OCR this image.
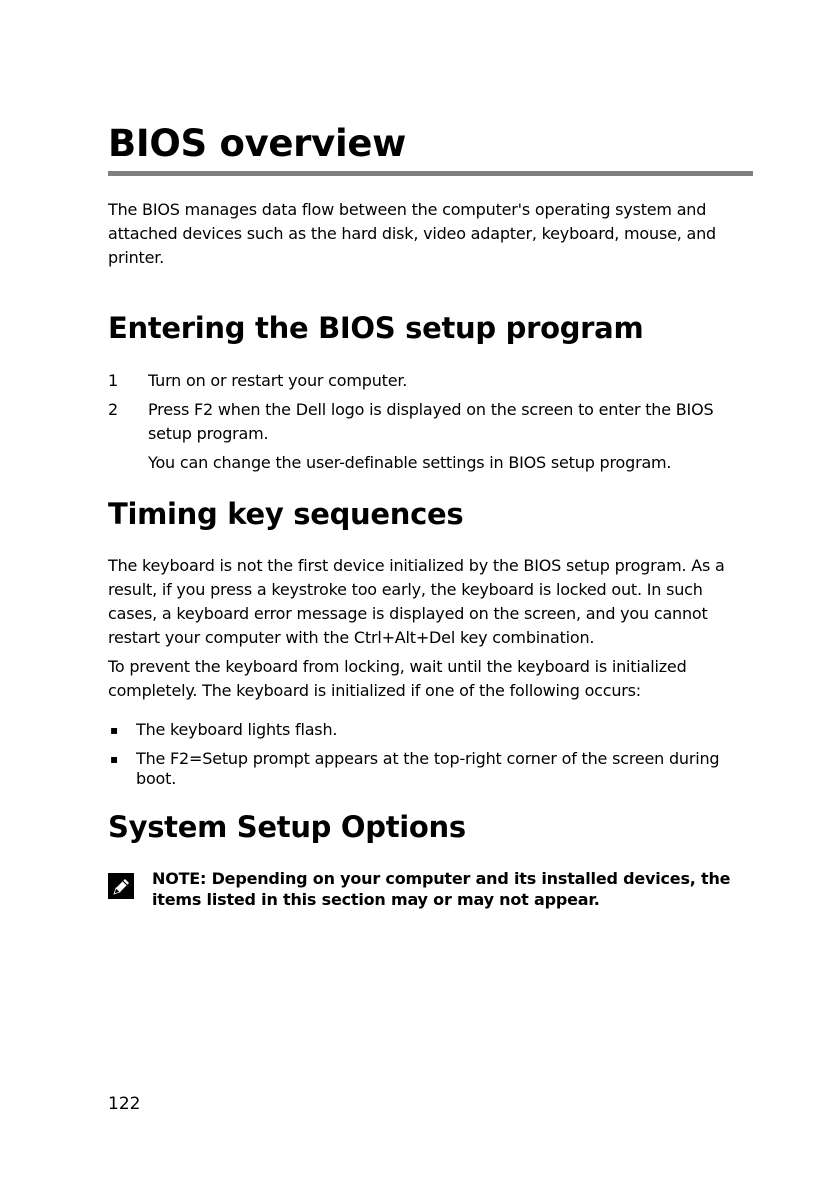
BIOS overview

The BIOS manages data flow between the computer's operating system and attached devices such as the hard disk, video adapter, keyboard, mouse, and printer.

Entering the BIOS setup program
1 Turn on or restart your computer.
2 Press F2 when the Dell logo is displayed on the screen to enter the BIOS setup program.

You can change the user-definable settings in BIOS setup program.

Timing key sequences

The keyboard is not the first device initialized by the BIOS setup program. As a result, if you press a keystroke too early, the keyboard is locked out. In such cases, a keyboard error message is displayed on the screen, and you cannot restart your computer with the Ctrl+Alt+Del key combination.

To prevent the keyboard from locking, wait until the keyboard is initialized completely. The keyboard is initialized if one of the following occurs:

▪ The keyboard lights flash.
▪ The F2=Setup prompt appears at the top-right corner of the screen during boot.
System Setup Options

NOTE: Depending on your computer and its installed devices, the items listed in this section may or may not appear.

122
